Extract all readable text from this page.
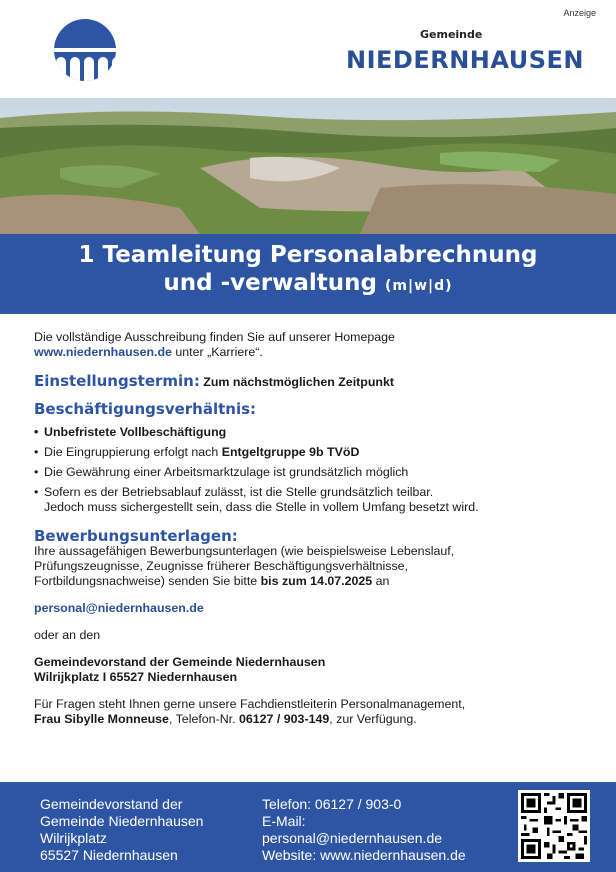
Anzeige
Gemeinde
NIEDERNHAUSEN
1 Teamleitung Personalabrechnung
und -verwaltung (m|w|d)

Die vollständige Ausschreibung finden Sie auf unserer Homepage
www.niedernhausen.de unter „Karriere“.

Einstellungstermin: Zum nächstmöglichen Zeitpunkt

Beschäftigungsverhältnis:

• Unbefristete Vollbeschäftigung
• Die Eingruppierung erfolgt nach Entgeltgruppe 9b TVöD
• Die Gewährung einer Arbeitsmarktzulage ist grundsätzlich möglich
• Sofern es der Betriebsablauf zulässt, ist die Stelle grundsätzlich teilbar.
Jedoch muss sichergestellt sein, dass die Stelle in vollem Umfang besetzt wird.

Bewerbungsunterlagen:

Ihre aussagefähigen Bewerbungsunterlagen (wie beispielsweise Lebenslauf,
Prüfungszeugnisse, Zeugnisse früherer Beschäftigungsverhältnisse,
Fortbildungsnachweise) senden Sie bitte bis zum 14.07.2025 an

personal@niedernhausen.de

oder an den

Gemeindevorstand der Gemeinde Niedernhausen
Wilrijkplatz I 65527 Niedernhausen

Für Fragen steht Ihnen gerne unsere Fachdienstleiterin Personalmanagement,
Frau Sibylle Monneuse, Telefon-Nr. 06127 / 903-149, zur Verfügung.

Gemeindevorstand der
Gemeinde Niedernhausen
Wilrijkplatz
65527 Niedernhausen
Telefon: 06127 / 903-0
E-Mail:
personal@niedernhausen.de
Website: www.niedernhausen.de
